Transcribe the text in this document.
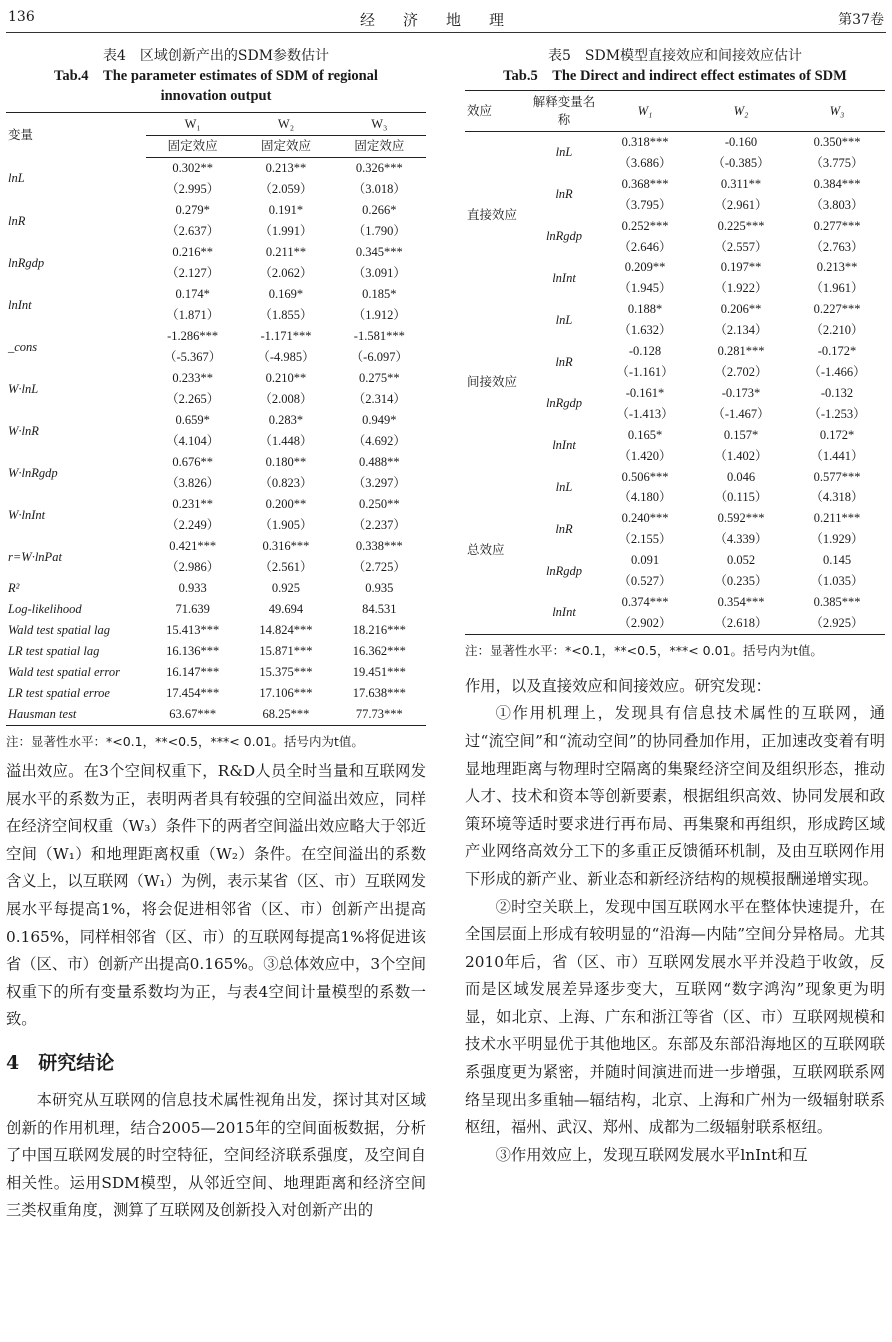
136	经济地理	第37卷
表4　区域创新产出的SDM参数估计
Tab.4　The parameter estimates of SDM of regional
innovation output
变量	W₁	W₂	W₃
	固定效应	固定效应	固定效应
lnL	0.302**	0.213**	0.326***
	（2.995）	（2.059）	（3.018）
lnR	0.279*	0.191*	0.266*
	（2.637）	（1.991）	（1.790）
lnRgdp	0.216**	0.211**	0.345***
	（2.127）	（2.062）	（3.091）
lnInt	0.174*	0.169*	0.185*
	（1.871）	（1.855）	（1.912）
_cons	-1.286***	-1.171***	-1.581***
	（-5.367）	（-4.985）	（-6.097）
W·lnL	0.233**	0.210**	0.275**
	（2.265）	（2.008）	（2.314）
W·lnR	0.659*	0.283*	0.949*
	（4.104）	（1.448）	（4.692）
W·lnRgdp	0.676**	0.180**	0.488**
	（3.826）	（0.823）	（3.297）
W·lnInt	0.231**	0.200**	0.250**
	（2.249）	（1.905）	（2.237）
r=W·lnPat	0.421***	0.316***	0.338***
	（2.986）	（2.561）	（2.725）
R²	0.933	0.925	0.935
Log-likelihood	71.639	49.694	84.531
Wald test spatial lag	15.413***	14.824***	18.216***
LR test spatial lag	16.136***	15.871***	16.362***
Wald test spatial error	16.147***	15.375***	19.451***
LR test spatial erroe	17.454***	17.106***	17.638***
Hausman test	63.67***	68.25***	77.73***
注：显著性水平：*<0.1，**<0.5，***< 0.01。括号内为t值。

溢出效应。在3个空间权重下，R&D人员全时当量和互联网发展水平的系数为正，表明两者具有较强的空间溢出效应，同样在经济空间权重（W₃）条件下的两者空间溢出效应略大于邻近空间（W₁）和地理距离权重（W₂）条件。在空间溢出的系数含义上，以互联网（W₁）为例，表示某省（区、市）互联网发展水平每提高1%，将会促进相邻省（区、市）创新产出提高0.165%，同样相邻省（区、市）的互联网每提高1%将促进该省（区、市）创新产出提高0.165%。③总体效应中，3个空间权重下的所有变量系数均为正，与表4空间计量模型的系数一致。

4　研究结论

本研究从互联网的信息技术属性视角出发，探讨其对区域创新的作用机理，结合2005—2015年的空间面板数据，分析了中国互联网发展的时空特征，空间经济联系强度，及空间自相关性。运用SDM模型，从邻近空间、地理距离和经济空间三类权重角度，测算了互联网及创新投入对创新产出的

表5　SDM模型直接效应和间接效应估计
Tab.5　The Direct and indirect effect estimates of SDM
效应	解释变量名称	W₁	W₂	W₃
直接效应	lnL	0.318***	-0.160	0.350***
		（3.686）	（-0.385）	（3.775）
	lnR	0.368***	0.311**	0.384***
		（3.795）	（2.961）	（3.803）
	lnRgdp	0.252***	0.225***	0.277***
		（2.646）	（2.557）	（2.763）
	lnInt	0.209**	0.197**	0.213**
		（1.945）	（1.922）	（1.961）
间接效应	lnL	0.188*	0.206**	0.227***
		（1.632）	（2.134）	（2.210）
	lnR	-0.128	0.281***	-0.172*
		（-1.161）	（2.702）	（-1.466）
	lnRgdp	-0.161*	-0.173*	-0.132
		（-1.413）	（-1.467）	（-1.253）
	lnInt	0.165*	0.157*	0.172*
		（1.420）	（1.402）	（1.441）
总效应	lnL	0.506***	0.046	0.577***
		（4.180）	（0.115）	（4.318）
	lnR	0.240***	0.592***	0.211***
		（2.155）	（4.339）	（1.929）
	lnRgdp	0.091	0.052	0.145
		（0.527）	（0.235）	（1.035）
	lnInt	0.374***	0.354***	0.385***
		（2.902）	（2.618）	（2.925）
注：显著性水平：*<0.1，**<0.5，***< 0.01。括号内为t值。

作用，以及直接效应和间接效应。研究发现：

①作用机理上，发现具有信息技术属性的互联网，通过“流空间”和“流动空间”的协同叠加作用，正加速改变着有明显地理距离与物理时空隔离的集聚经济空间及组织形态，推动人才、技术和资本等创新要素，根据组织高效、协同发展和政策环境等适时要求进行再布局、再集聚和再组织，形成跨区域产业网络高效分工下的多重正反馈循环机制，及由互联网作用下形成的新产业、新业态和新经济结构的规模报酬递增实现。

②时空关联上，发现中国互联网水平在整体快速提升，在全国层面上形成有较明显的“沿海—内陆”空间分异格局。尤其2010年后，省（区、市）互联网发展水平并没趋于收敛，反而是区域发展差异逐步变大，互联网“数字鸿沟”现象更为明显，如北京、上海、广东和浙江等省（区、市）互联网规模和技术水平明显优于其他地区。东部及东部沿海地区的互联网联系强度更为紧密，并随时间演进而进一步增强，互联网联系网络呈现出多重轴—辐结构，北京、上海和广州为一级辐射联系枢纽，福州、武汉、郑州、成都为二级辐射联系枢纽。

③作用效应上，发现互联网发展水平lnInt和互
